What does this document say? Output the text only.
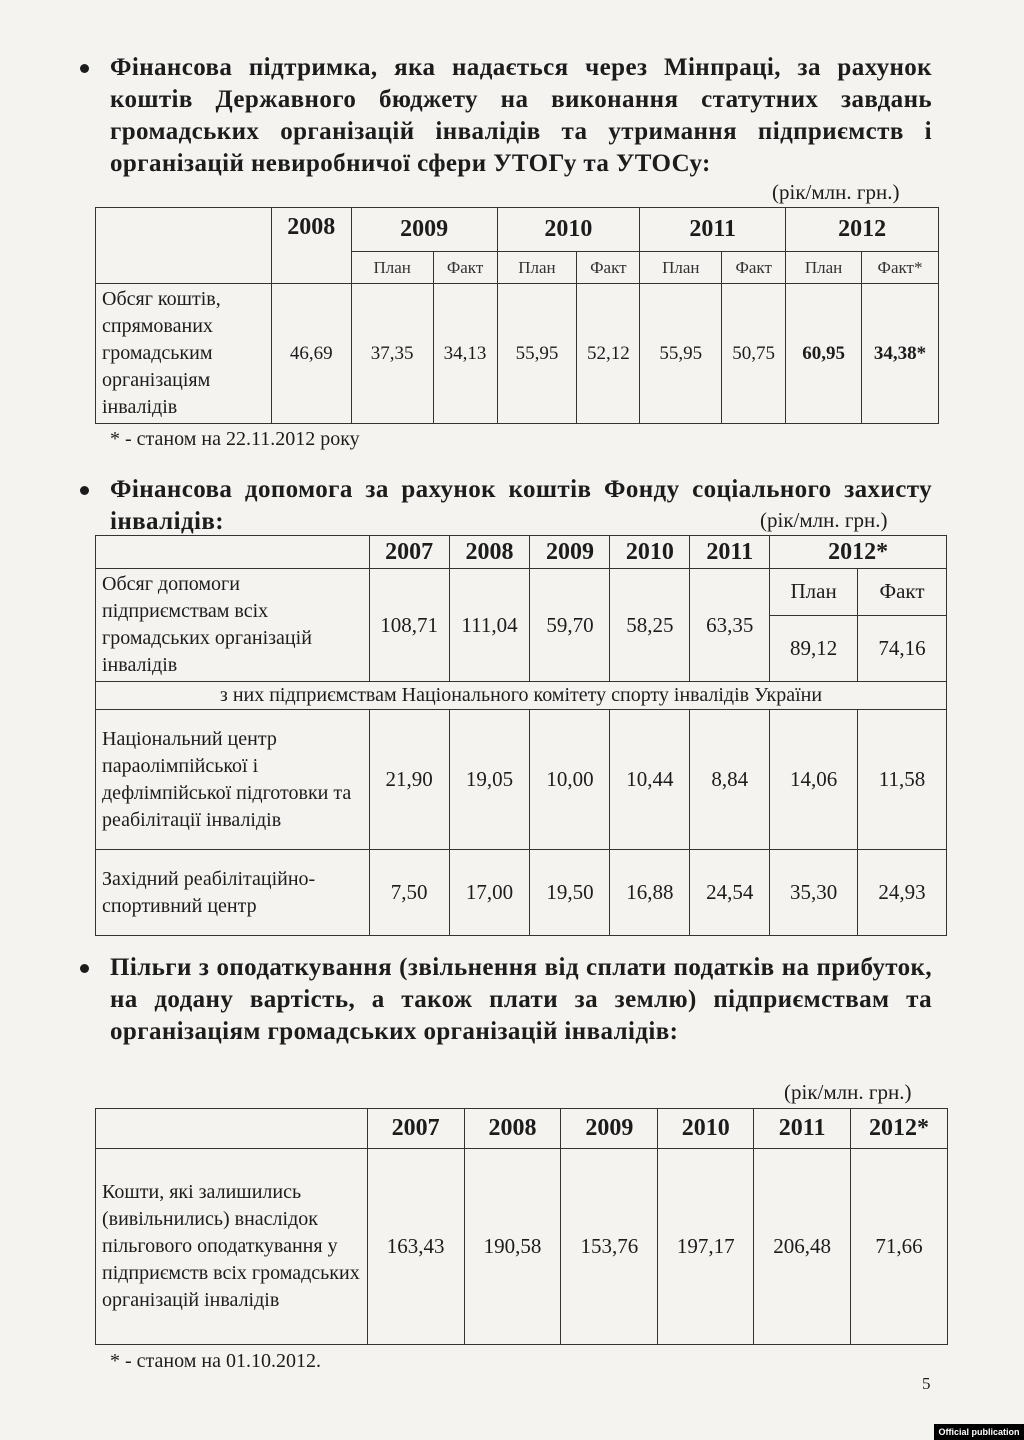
Фінансова підтримка, яка надається через Мінпраці, за рахунок коштів Державного бюджету на виконання статутних завдань громадських організацій інвалідів та утримання підприємств і організацій невиробничої сфери УТОГу та УТОСу:

(рік/млн. грн.)
	2008	2009		2010		2011		2012	
		План	Факт	План	Факт	План	Факт	План	Факт*
Обсяг коштів, спрямованих громадським організаціям інвалідів	46,69	37,35	34,13	55,95	52,12	55,95	50,75	60,95	34,38*
* - станом на 22.11.2012 року

Фінансова допомога за рахунок коштів Фонду соціального захисту інвалідів:	(рік/млн. грн.)
	2007	2008	2009	2010	2011	2012*	
Обсяг допомоги підприємствам всіх громадських організацій інвалідів	108,71	111,04	59,70	58,25	63,35	План	Факт
						89,12	74,16
з них підприємствам Національного комітету спорту інвалідів України							
Національний центр параолімпійської і дефлімпійської підготовки та реабілітації інвалідів	21,90	19,05	10,00	10,44	8,84	14,06	11,58
Західний реабілітаційно-спортивний центр	7,50	17,00	19,50	16,88	24,54	35,30	24,93

Пільги з оподаткування (звільнення від сплати податків на прибуток, на додану вартість, а також плати за землю) підприємствам та організаціям громадських організацій інвалідів:

(рік/млн. грн.)
	2007	2008	2009	2010	2011	2012*
Кошти, які залишились (вивільнились) внаслідок пільгового оподаткування у підприємств всіх громадських організацій інвалідів	163,43	190,58	153,76	197,17	206,48	71,66
* - станом на 01.10.2012.
5
Official publication
